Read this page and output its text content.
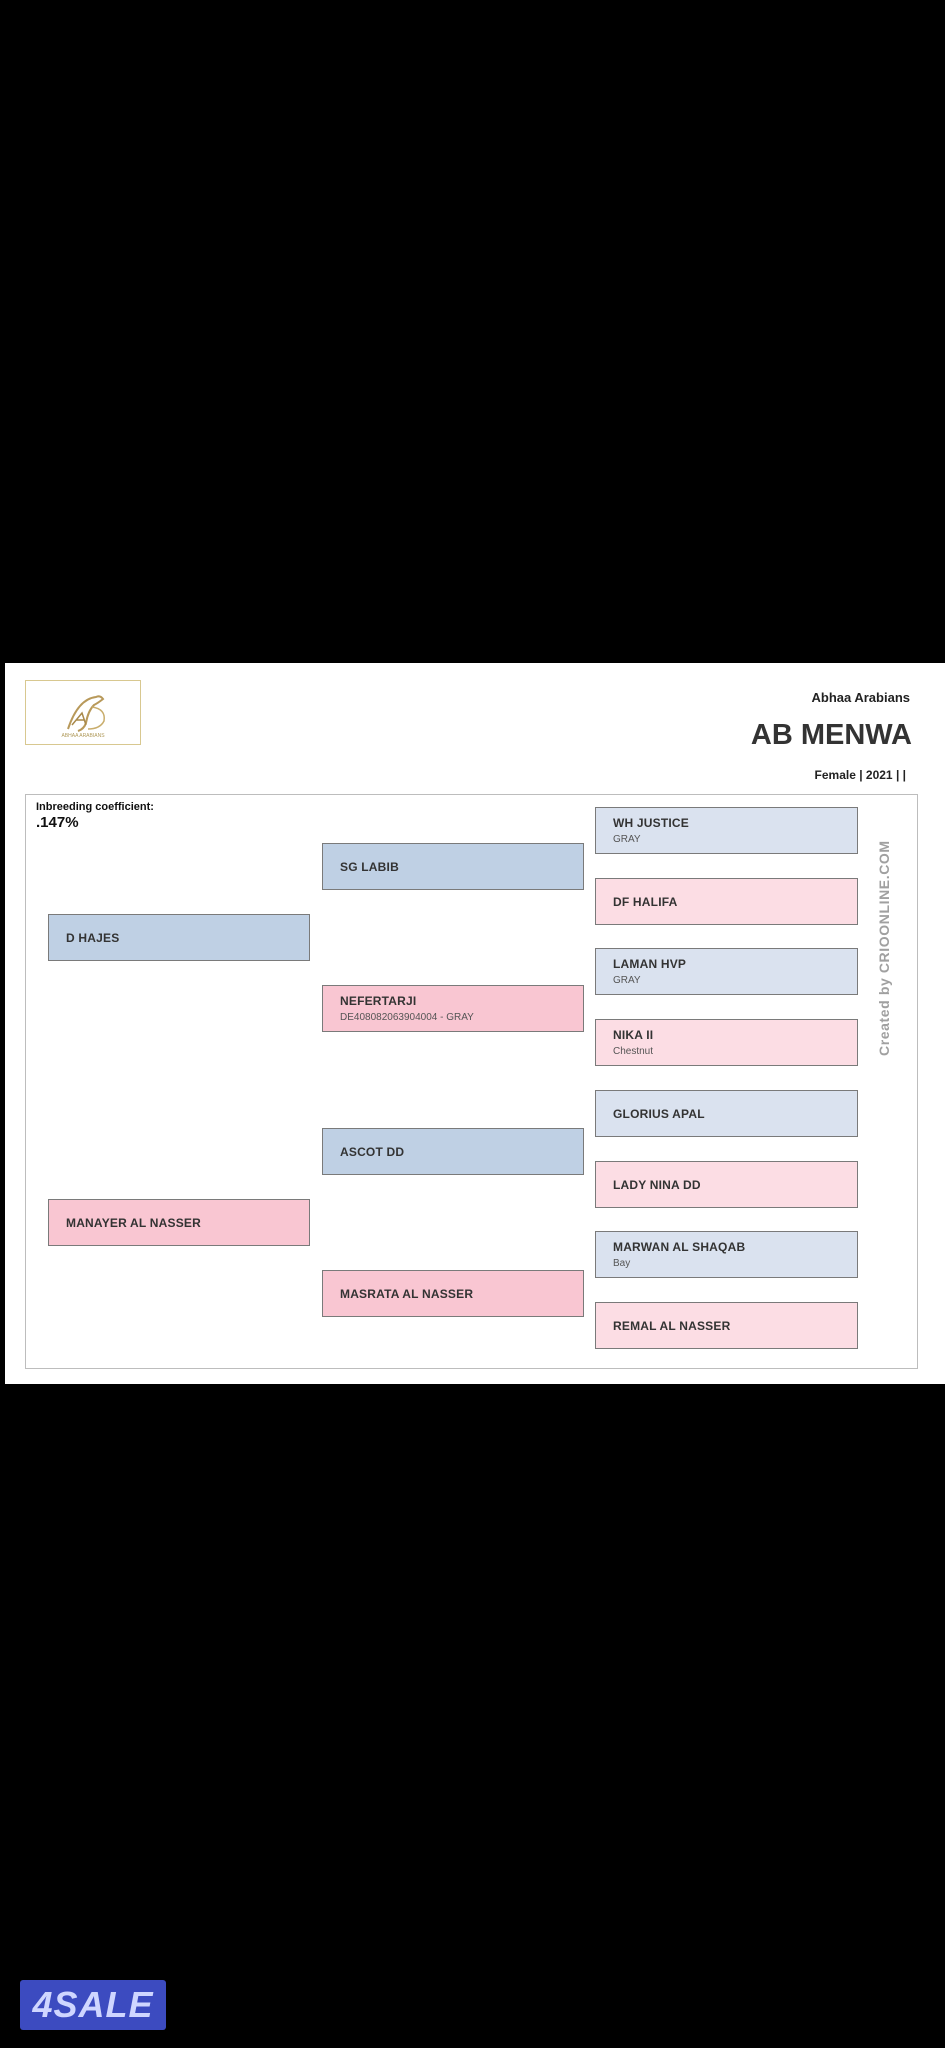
ABHAA ARABIANS
Abhaa Arabians
AB MENWA
Female | 2021 | |
Inbreeding coefficient:
.147%
D HAJES
MANAYER AL NASSER
SG LABIB
NEFERTARJI
DE408082063904004 - GRAY
ASCOT DD
MASRATA AL NASSER
WH JUSTICE
GRAY
DF HALIFA
LAMAN HVP
GRAY
NIKA II
Chestnut
GLORIUS APAL
LADY NINA DD
MARWAN AL SHAQAB
Bay
REMAL AL NASSER
Created by CRIOONLINE.COM
4SALE
